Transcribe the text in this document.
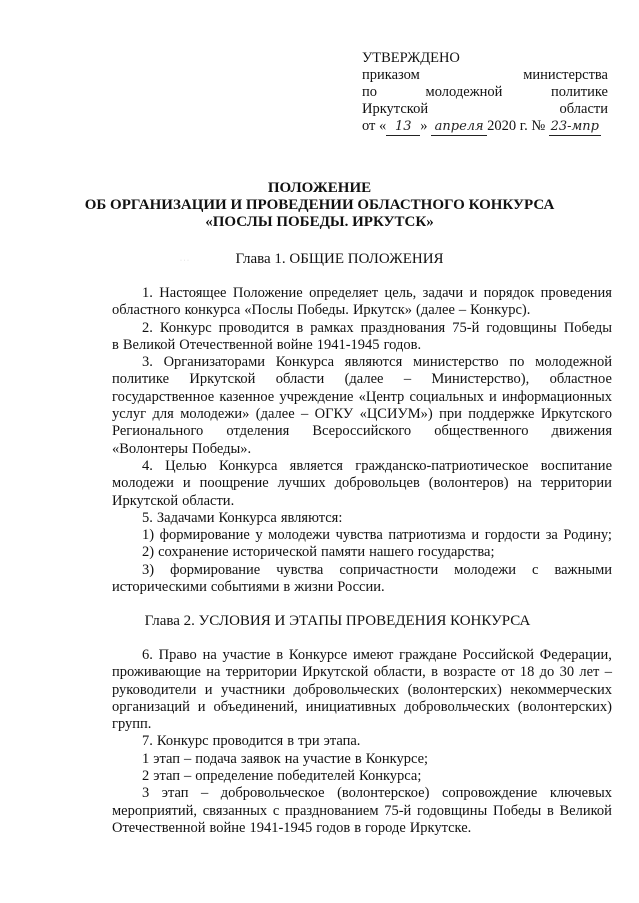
УТВЕРЖДЕНО
приказом	министерства
по	молодежной	политике
Иркутской	области
от « 13 » апреля 2020 г. № 23-мпр
ПОЛОЖЕНИЕ
ОБ ОРГАНИЗАЦИИ И ПРОВЕДЕНИИ ОБЛАСТНОГО КОНКУРСА
«ПОСЛЫ ПОБЕДЫ. ИРКУТСК»
· · ·	Глава 1. ОБЩИЕ ПОЛОЖЕНИЯ
1. Настоящее Положение определяет цель, задачи и порядок проведения
областного конкурса «Послы Победы. Иркутск» (далее – Конкурс).
2. Конкурс проводится в рамках празднования 75-й годовщины Победы
в Великой Отечественной войне 1941-1945 годов.
3. Организаторами Конкурса являются министерство по молодежной
политике Иркутской области (далее – Министерство), областное
государственное казенное учреждение «Центр социальных и информационных
услуг для молодежи» (далее – ОГКУ «ЦСИУМ») при поддержке Иркутского
Регионального отделения Всероссийского общественного движения
«Волонтеры Победы».
4. Целью Конкурса является гражданско-патриотическое воспитание
молодежи и поощрение лучших добровольцев (волонтеров) на территории
Иркутской области.
5. Задачами Конкурса являются:
1) формирование у молодежи чувства патриотизма и гордости за Родину;
2) сохранение исторической памяти нашего государства;
3) формирование чувства сопричастности молодежи с важными
историческими событиями в жизни России.
Глава 2. УСЛОВИЯ И ЭТАПЫ ПРОВЕДЕНИЯ КОНКУРСА
6. Право на участие в Конкурсе имеют граждане Российской Федерации,
проживающие на территории Иркутской области, в возрасте от 18 до 30 лет –
руководители и участники добровольческих (волонтерских) некоммерческих
организаций и объединений, инициативных добровольческих (волонтерских)
групп.
7. Конкурс проводится в три этапа.
1 этап – подача заявок на участие в Конкурсе;
2 этап – определение победителей Конкурса;
3 этап – добровольческое (волонтерское) сопровождение ключевых
мероприятий, связанных с празднованием 75-й годовщины Победы в Великой
Отечественной войне 1941-1945 годов в городе Иркутске.
